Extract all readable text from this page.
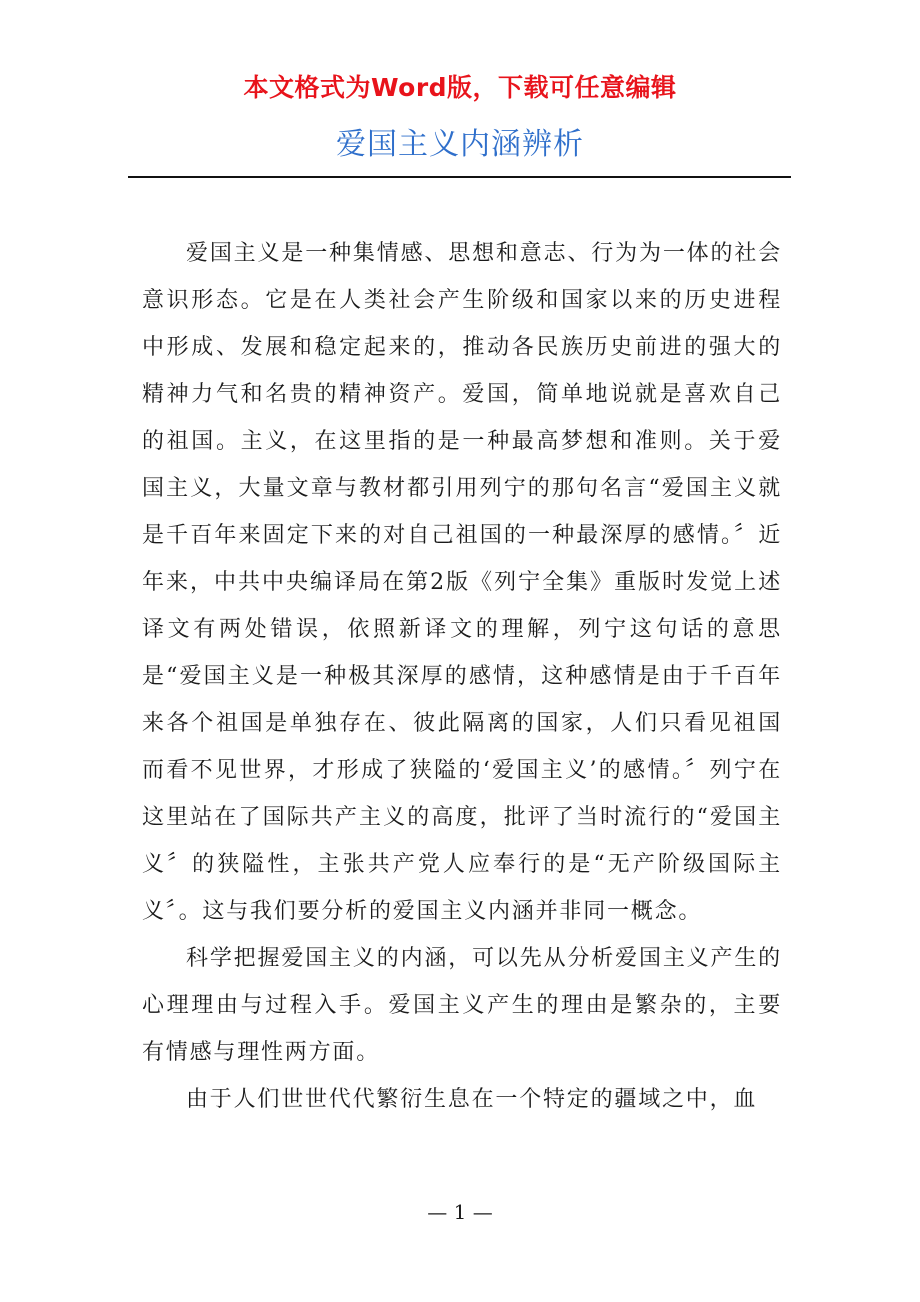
本文格式为Word版，下载可任意编辑
爱国主义内涵辨析

爱国主义是一种集情感、思想和意志、行为为一体的社会意识形态。它是在人类社会产生阶级和国家以来的历史进程中形成、发展和稳定起来的，推动各民族历史前进的强大的精神力气和名贵的精神资产。爱国，简单地说就是喜欢自己的祖国。主义，在这里指的是一种最高梦想和准则。关于爱国主义，大量文章与教材都引用列宁的那句名言“爱国主义就是千百年来固定下来的对自己祖国的一种最深厚的感情。〞近年来，中共中央编译局在第2版《列宁全集》重版时发觉上述译文有两处错误，依照新译文的理解，列宁这句话的意思是“爱国主义是一种极其深厚的感情，这种感情是由于千百年来各个祖国是单独存在、彼此隔离的国家，人们只看见祖国而看不见世界，才形成了狭隘的‘爱国主义’的感情。〞列宁在这里站在了国际共产主义的高度，批评了当时流行的“爱国主义〞的狭隘性，主张共产党人应奉行的是“无产阶级国际主义〞。这与我们要分析的爱国主义内涵并非同一概念。

科学把握爱国主义的内涵，可以先从分析爱国主义产生的心理理由与过程入手。爱国主义产生的理由是繁杂的，主要有情感与理性两方面。

由于人们世世代代繁衍生息在一个特定的疆域之中，血

— 1 —
